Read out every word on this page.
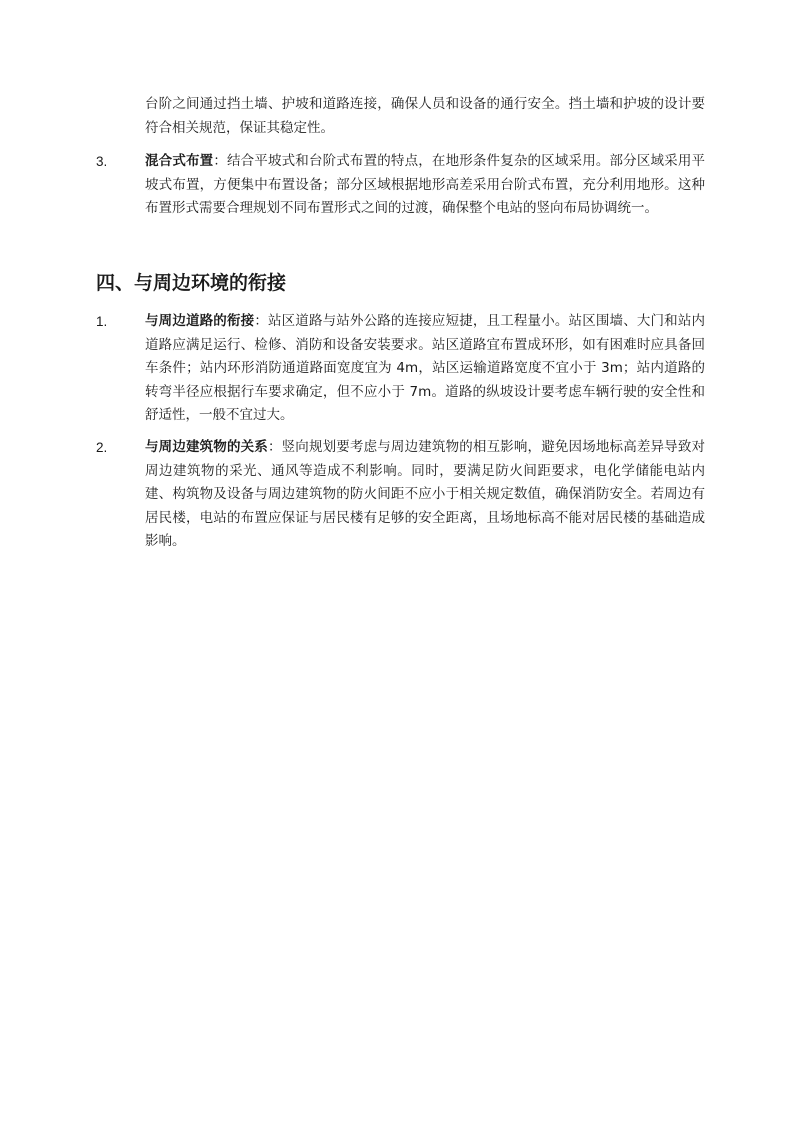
台阶之间通过挡土墙、护坡和道路连接，确保人员和设备的通行安全。挡土墙和护坡的设计要符合相关规范，保证其稳定性。

3.	混合式布置：结合平坡式和台阶式布置的特点，在地形条件复杂的区域采用。部分区域采用平坡式布置，方便集中布置设备；部分区域根据地形高差采用台阶式布置，充分利用地形。这种布置形式需要合理规划不同布置形式之间的过渡，确保整个电站的竖向布局协调统一。

四、与周边环境的衔接
1.	与周边道路的衔接：站区道路与站外公路的连接应短捷，且工程量小。站区围墙、大门和站内道路应满足运行、检修、消防和设备安装要求。站区道路宜布置成环形，如有困难时应具备回车条件；站内环形消防通道路面宽度宜为 4m，站区运输道路宽度不宜小于 3m；站内道路的转弯半径应根据行车要求确定，但不应小于 7m。道路的纵坡设计要考虑车辆行驶的安全性和舒适性，一般不宜过大。

2.	与周边建筑物的关系：竖向规划要考虑与周边建筑物的相互影响，避免因场地标高差异导致对周边建筑物的采光、通风等造成不利影响。同时，要满足防火间距要求，电化学储能电站内建、构筑物及设备与周边建筑物的防火间距不应小于相关规定数值，确保消防安全。若周边有居民楼，电站的布置应保证与居民楼有足够的安全距离，且场地标高不能对居民楼的基础造成影响。
